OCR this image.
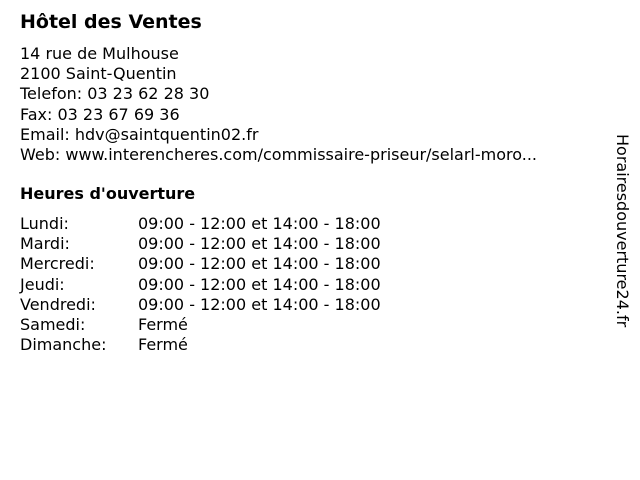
Hôtel des Ventes
14 rue de Mulhouse
2100 Saint-Quentin
Telefon: 03 23 62 28 30
Fax: 03 23 67 69 36
Email: hdv@saintquentin02.fr
Web: www.interencheres.com/commissaire-priseur/selarl-moro...
Heures d'ouverture
Lundi:	09:00 - 12:00 et 14:00 - 18:00
Mardi:	09:00 - 12:00 et 14:00 - 18:00
Mercredi:	09:00 - 12:00 et 14:00 - 18:00
Jeudi:	09:00 - 12:00 et 14:00 - 18:00
Vendredi:	09:00 - 12:00 et 14:00 - 18:00
Samedi:	Fermé
Dimanche: Fermé
Horairesdouverture24.fr
